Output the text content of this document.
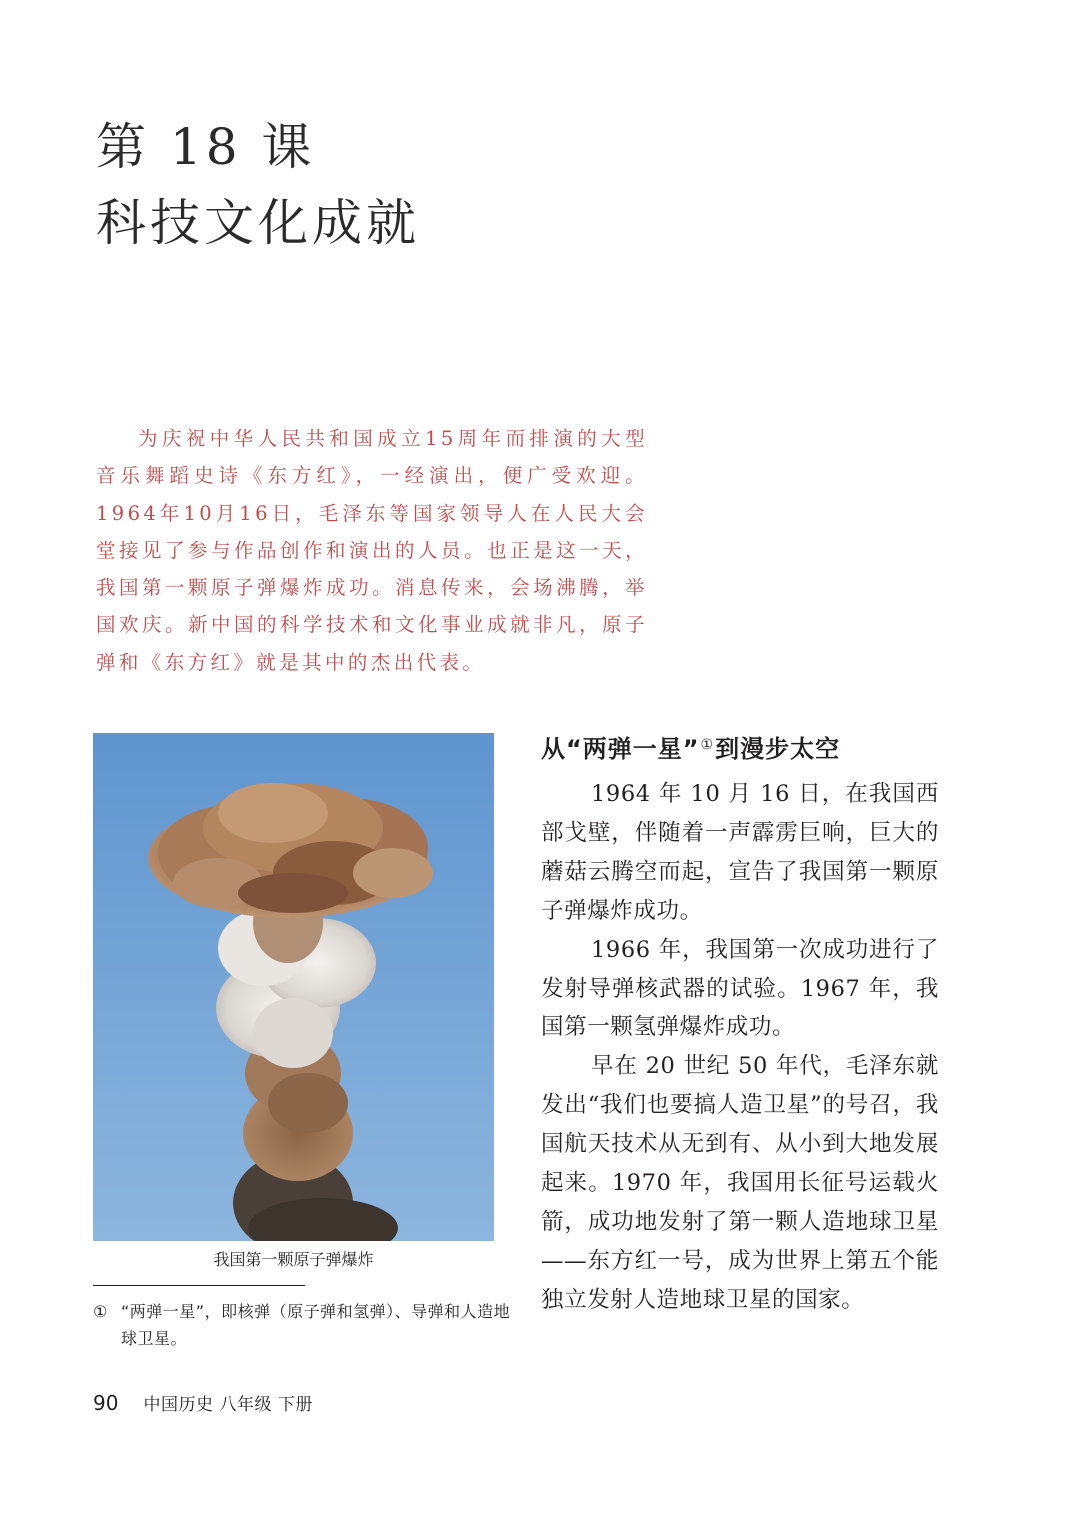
第 18 课
科技文化成就

为庆祝中华人民共和国成立15周年而排演的大型音乐舞蹈史诗《东方红》，一经演出，便广受欢迎。1964年10月16日，毛泽东等国家领导人在人民大会堂接见了参与作品创作和演出的人员。也正是这一天，我国第一颗原子弹爆炸成功。消息传来，会场沸腾，举国欢庆。新中国的科学技术和文化事业成就非凡，原子弹和《东方红》就是其中的杰出代表。

我国第一颗原子弹爆炸

① “两弹一星”，即核弹（原子弹和氢弹）、导弹和人造地球卫星。

从“两弹一星”①到漫步太空

1964 年 10 月 16 日，在我国西部戈壁，伴随着一声霹雳巨响，巨大的蘑菇云腾空而起，宣告了我国第一颗原子弹爆炸成功。

1966 年，我国第一次成功进行了发射导弹核武器的试验。1967 年，我国第一颗氢弹爆炸成功。

早在 20 世纪 50 年代，毛泽东就发出“我们也要搞人造卫星”的号召，我国航天技术从无到有、从小到大地发展起来。1970 年，我国用长征号运载火箭，成功地发射了第一颗人造地球卫星——东方红一号，成为世界上第五个能独立发射人造地球卫星的国家。

90 中国历史 八年级 下册
